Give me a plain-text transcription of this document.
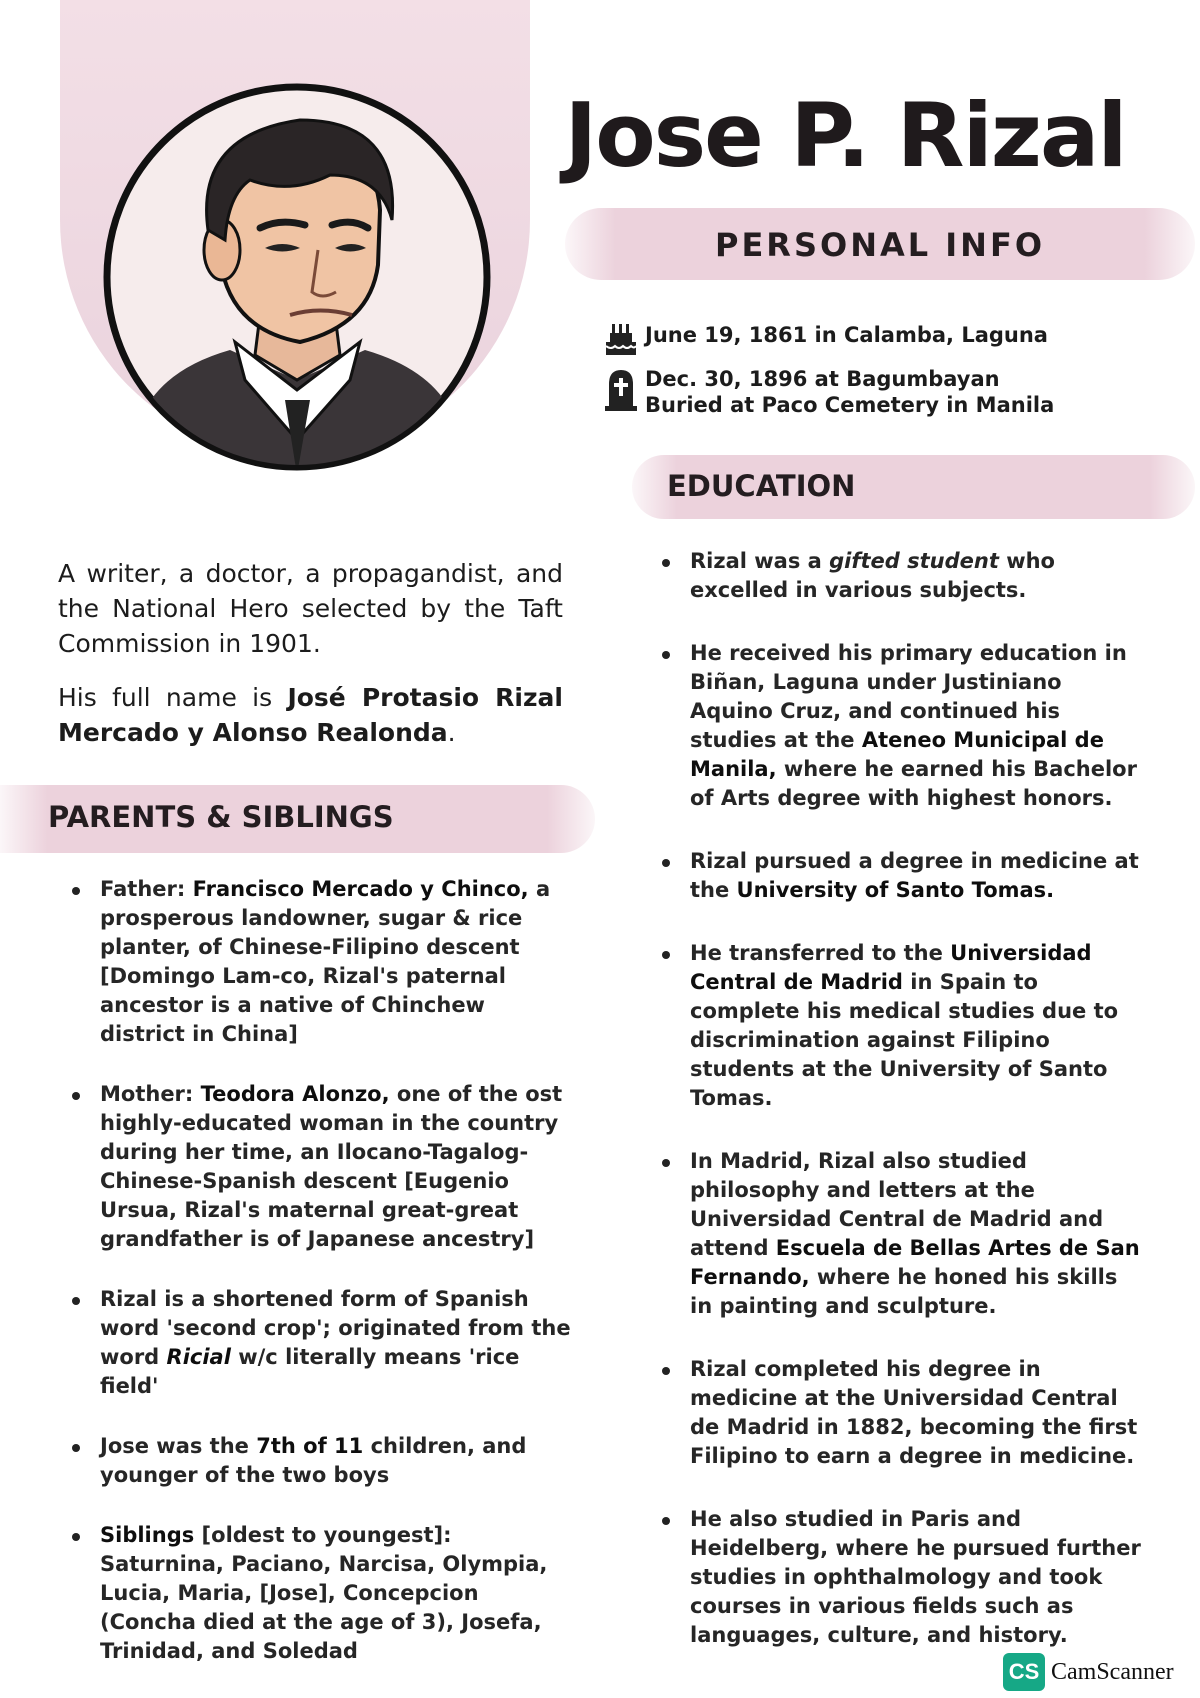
Jose P. Rizal
PERSONAL INFO
June 19, 1861 in Calamba, Laguna
Dec. 30, 1896 at Bagumbayan
Buried at Paco Cemetery in Manila
EDUCATION

A writer, a doctor, a propagandist, and the National Hero selected by the Taft Commission in 1901.

His full name is José Protasio Rizal Mercado y Alonso Realonda.

PARENTS & SIBLINGS
Father: Francisco Mercado y Chinco, a prosperous landowner, sugar & rice planter, of Chinese-Filipino descent [Domingo Lam-co, Rizal's paternal ancestor is a native of Chinchew district in China]
Mother: Teodora Alonzo, one of the ost highly-educated woman in the country during her time, an Ilocano-Tagalog-Chinese-Spanish descent [Eugenio Ursua, Rizal's maternal great-great grandfather is of Japanese ancestry]
Rizal is a shortened form of Spanish word 'second crop'; originated from the word Ricial w/c literally means 'rice field'
Jose was the 7th of 11 children, and younger of the two boys
Siblings [oldest to youngest]: Saturnina, Paciano, Narcisa, Olympia, Lucia, Maria, [Jose], Concepcion (Concha died at the age of 3), Josefa, Trinidad, and Soledad
Rizal was a gifted student who excelled in various subjects.
He received his primary education in Biñan, Laguna under Justiniano Aquino Cruz, and continued his studies at the Ateneo Municipal de Manila, where he earned his Bachelor of Arts degree with highest honors.
Rizal pursued a degree in medicine at the University of Santo Tomas.
He transferred to the Universidad Central de Madrid in Spain to complete his medical studies due to discrimination against Filipino students at the University of Santo Tomas.
In Madrid, Rizal also studied philosophy and letters at the Universidad Central de Madrid and attend Escuela de Bellas Artes de San Fernando, where he honed his skills in painting and sculpture.
Rizal completed his degree in medicine at the Universidad Central de Madrid in 1882, becoming the first Filipino to earn a degree in medicine.
He also studied in Paris and Heidelberg, where he pursued further studies in ophthalmology and took courses in various fields such as languages, culture, and history.
CS CamScanner
